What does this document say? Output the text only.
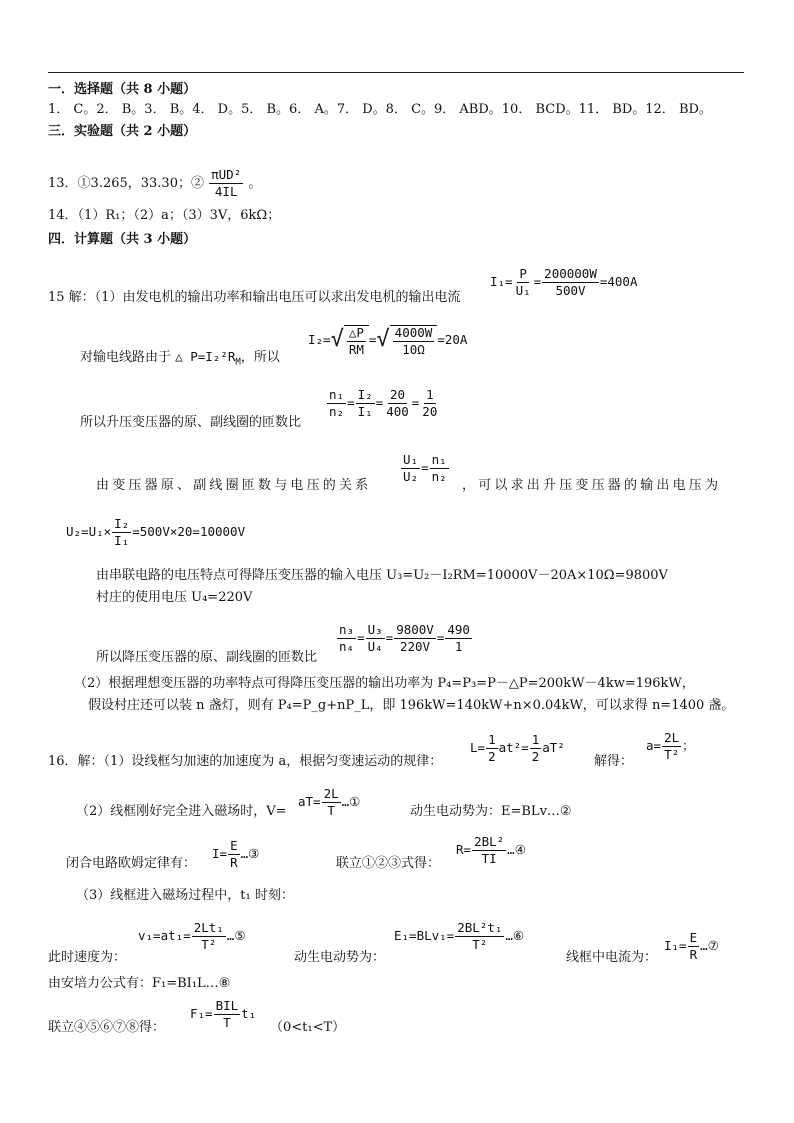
一．选择题（共 8 小题）
1． C。2． B。3． B。4． D。5． B。6． A。7． D。8． C。9． ABD。10． BCD。11． BD。12． BD。
三．实验题（共 2 小题）
13．①3.265，33.30；② $\frac{\text{πUD²}}{4IL}$ 。
14．（1）R₁；（2）a；（3）3V，6kΩ；
四．计算题（共 3 小题）
15 解：（1）由发电机的输出功率和输出电压可以求出发电机的输出电流
$I_1= \frac{P}{\text{U₁}} = \frac{200000W}{500V} =400A$
对输电线路由于 △ $P=I_2^2R_M$，所以
I₂= √ $\frac{\triangle P}{RM}$ = √ $\frac{4000W}{10\Omega} =20A$
所以升压变压器的原、副线圈的匝数比
$\frac{\text{n₁}}{\text{n₂}} = \frac{\text{I₂}}{\text{I₁}} = \frac{20}{400} = \frac{1}{20}$
由变压器原、副线圈匝数与电压的关系
$\frac{\text{U₁}}{\text{U₂}} = \frac{\text{n₁}}{\text{n₂}}$
，可以求出升压变压器的输出电压为
$U_2=U_1\times \frac{\text{I₂}}{\text{I₁}} =500V\times 20=10000V$
由串联电路的电压特点可得降压变压器的输入电压 U₃=U₂－I₂RM=10000V－20A×10Ω=9800V
村庄的使用电压 U₄=220V
所以降压变压器的原、副线圈的匝数比
$\frac{\text{n₃}}{\text{n₄}} = \frac{\text{U₃}}{\text{U₄}} = \frac{9800V}{220V} = \frac{490}{1}$
（2）根据理想变压器的功率特点可得降压变压器的输出功率为 P₄=P₃=P－△P=200kW－4kw=196kW，
假设村庄还可以装 n 盏灯，则有 P₄=P_g+nP_L，即 196kW=140kW+n×0.04kW，可以求得 n=1400 盏。
16．解：（1）设线框匀加速的加速度为 a，根据匀变速运动的规律：
$L= \frac{1}{2} at^2= \frac{1}{2} aT^2$
解得：
$a= \frac{2L}{\text{T²}}$ ；
（2）线框刚好完全进入磁场时，V=
$aT= \frac{2L}{T}$ …①
动生电动势为：E=BLv…②
闭合电路欧姆定律有：
$I= \frac{E}{R}$ …③
联立①②③式得：
$R= \frac{\text{2BL²}}{TI}$ …④
（3）线框进入磁场过程中，t₁ 时刻：
此时速度为：
$v_1=at_1= \frac{\text{2Lt₁}}{\text{T²}}$ …⑤
动生电动势为：
$E_1=BLv_1= \frac{\text{2BL²t₁}}{\text{T²}}$ …⑥
线框中电流为：
$I_1= \frac{E}{R}$ …⑦
由安培力公式有：F₁=BI₁L…⑧
联立④⑤⑥⑦⑧得：
$F_1= \frac{\text{BIL}}{T} t_1$
（0<t₁<T）
